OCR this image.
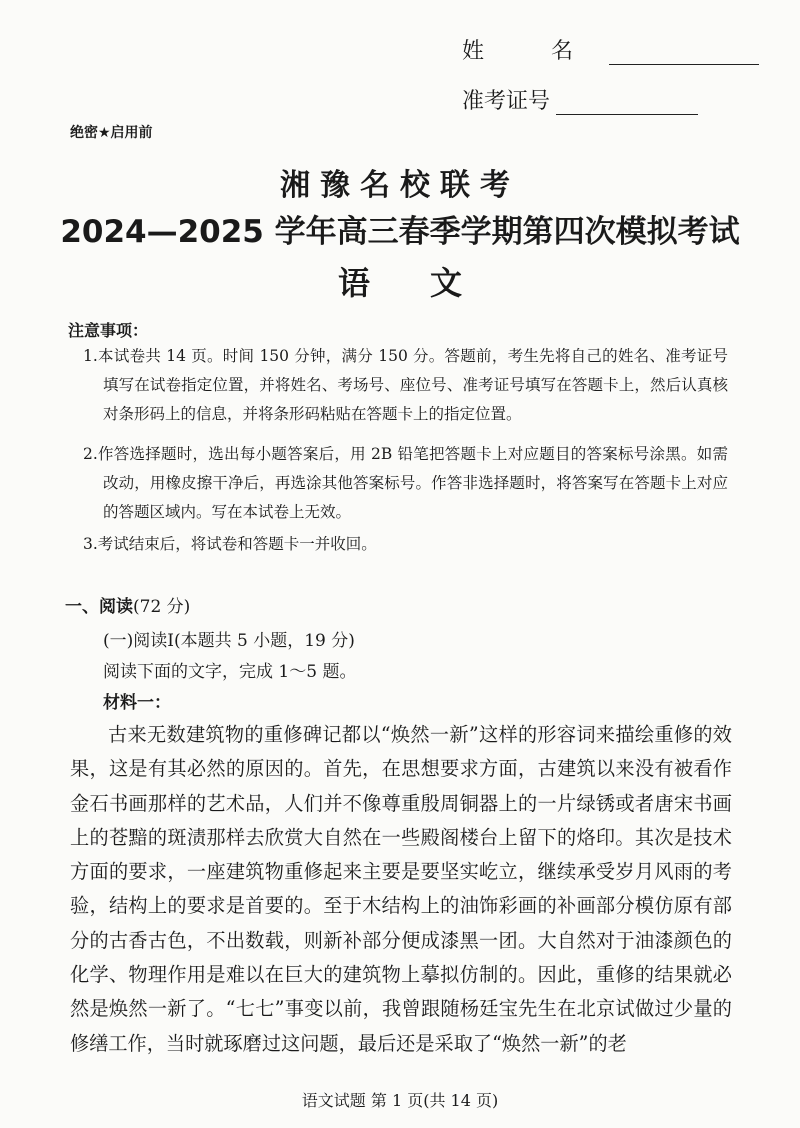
姓 名
准考证号
绝密★启用前
湘豫名校联考
2024—2025 学年高三春季学期第四次模拟考试
语文
注意事项：

1.本试卷共 14 页。时间 150 分钟，满分 150 分。答题前，考生先将自己的姓名、准考证号填写在试卷指定位置，并将姓名、考场号、座位号、准考证号填写在答题卡上，然后认真核对条形码上的信息，并将条形码粘贴在答题卡上的指定位置。

2.作答选择题时，选出每小题答案后，用 2B 铅笔把答题卡上对应题目的答案标号涂黑。如需改动，用橡皮擦干净后，再选涂其他答案标号。作答非选择题时，将答案写在答题卡上对应的答题区域内。写在本试卷上无效。

3.考试结束后，将试卷和答题卡一并收回。

一、阅读(72 分)
(一)阅读Ⅰ(本题共 5 小题，19 分)
阅读下面的文字，完成 1～5 题。
材料一：

古来无数建筑物的重修碑记都以“焕然一新”这样的形容词来描绘重修的效果，这是有其必然的原因的。首先，在思想要求方面，古建筑以来没有被看作金石书画那样的艺术品，人们并不像尊重殷周铜器上的一片绿锈或者唐宋书画上的苍黯的斑渍那样去欣赏大自然在一些殿阁楼台上留下的烙印。其次是技术方面的要求，一座建筑物重修起来主要是要坚实屹立，继续承受岁月风雨的考验，结构上的要求是首要的。至于木结构上的油饰彩画的补画部分模仿原有部分的古香古色，不出数载，则新补部分便成漆黑一团。大自然对于油漆颜色的化学、物理作用是难以在巨大的建筑物上摹拟仿制的。因此，重修的结果就必然是焕然一新了。“七七”事变以前，我曾跟随杨廷宝先生在北京试做过少量的修缮工作，当时就琢磨过这问题，最后还是采取了“焕然一新”的老

语文试题 第 1 页(共 14 页)
